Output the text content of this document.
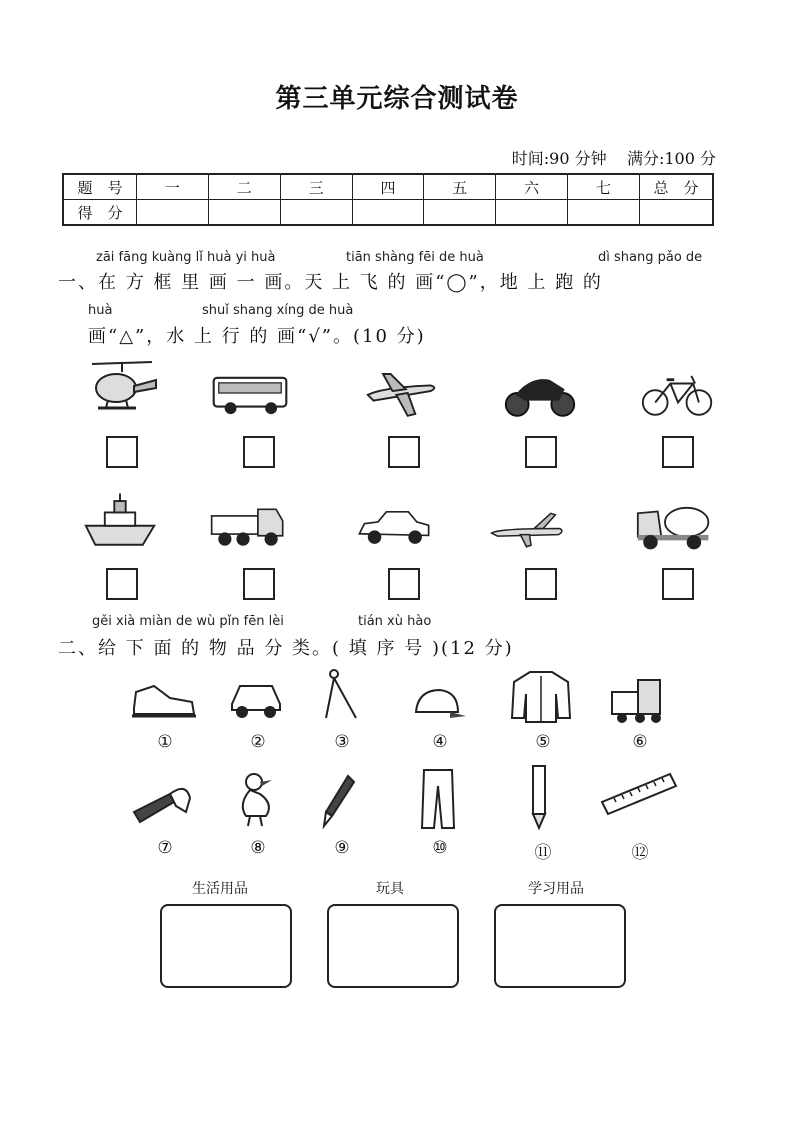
第三单元综合测试卷
时间:90 分钟 满分:100 分
题　号	一	二	三	四	五	六	七	总　分
得　分								
zāi fāng kuàng lǐ huà yi huà	tiān shàng fēi de huà	dì shang pǎo de
一、在 方 框 里 画 一 画。天 上 飞 的 画“◯”，地 上 跑 的
huà	shuǐ shang xíng de huà
画“△”，水 上 行 的 画“√”。(10 分)
gěi xià miàn de wù pǐn fēn lèi	tián xù hào
二、给 下 面 的 物 品 分 类。( 填 序 号 )(12 分)
①	②	③	④	⑤	⑥
⑦	⑧	⑨	⑩	⑪	⑫
生活用品	玩具	学习用品
